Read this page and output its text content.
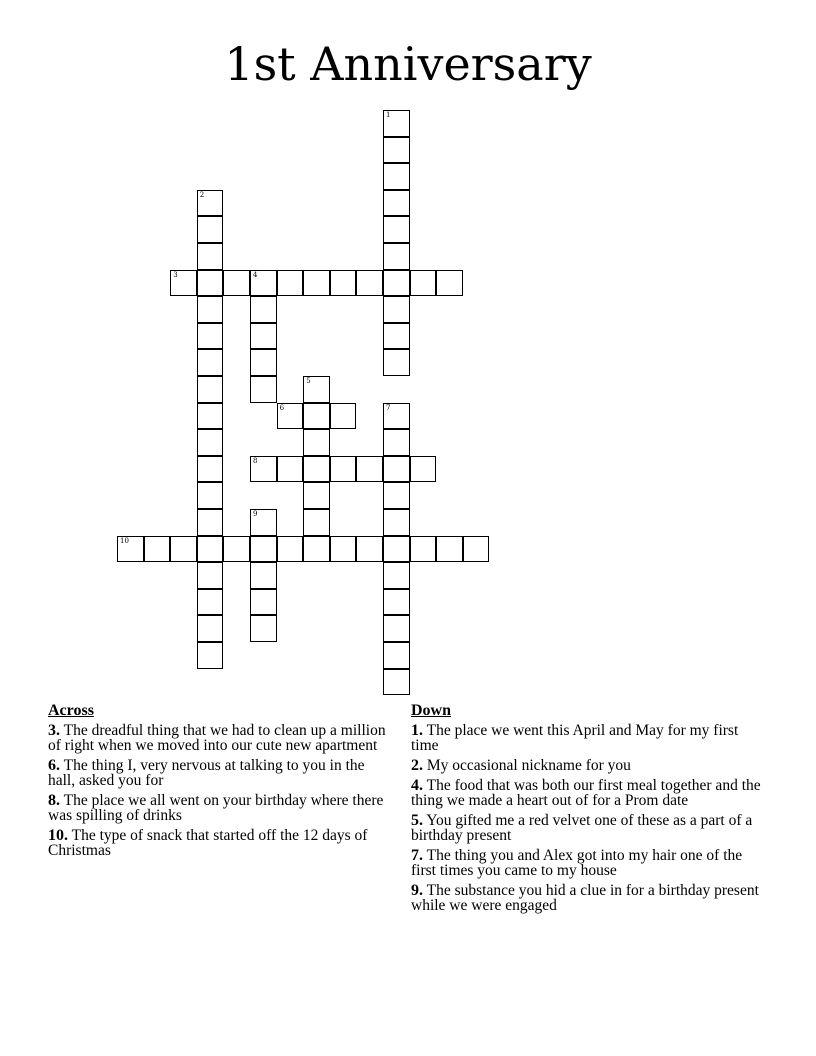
1st Anniversary
1
2
3	4
5
6	7
8
9
10
Across
3. The dreadful thing that we had to clean up a million of right when we moved into our cute new apartment
6. The thing I, very nervous at talking to you in the hall, asked you for
8. The place we all went on your birthday where there was spilling of drinks
10. The type of snack that started off the 12 days of Christmas
Down
1. The place we went this April and May for my first time
2. My occasional nickname for you
4. The food that was both our first meal together and the thing we made a heart out of for a Prom date
5. You gifted me a red velvet one of these as a part of a birthday present
7. The thing you and Alex got into my hair one of the first times you came to my house
9. The substance you hid a clue in for a birthday present while we were engaged
